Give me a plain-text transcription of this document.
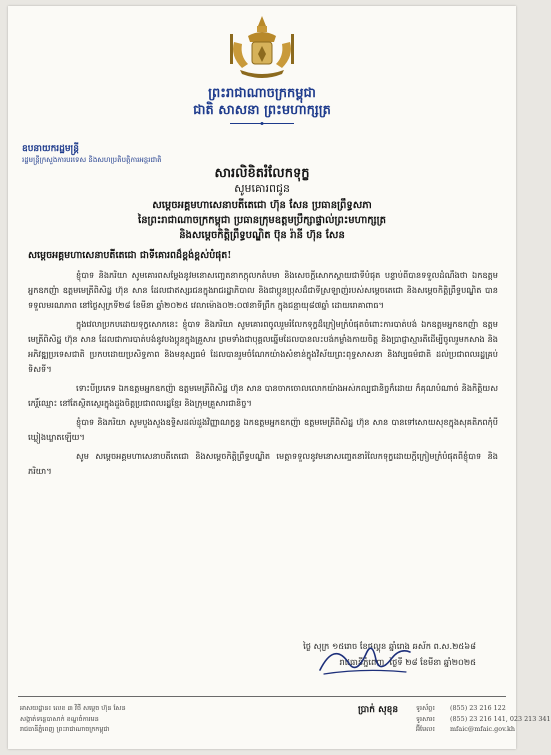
ព្រះរាជាណាចក្រកម្ពុជា
ជាតិ សាសនា ព្រះមហាក្សត្រ
ឧបនាយករដ្ឋមន្ត្រី
រដ្ឋមន្ត្រីក្រសួងការបរទេស និងសហប្រតិបត្តិការអន្តរជាតិ
សារលិខិតរំលែកទុក្ខ
សូមគោរពជូន
សម្តេចអគ្គមហាសេនាបតីតេជោ ហ៊ុន សែន ប្រធានព្រឹទ្ធសភា
នៃព្រះរាជាណាចក្រកម្ពុជា ប្រធានក្រុមឧត្តមប្រឹក្សាផ្ទាល់ព្រះមហាក្សត្រ
និងសម្តេចកិត្តិព្រឹទ្ធបណ្ឌិត ប៊ុន រ៉ានី ហ៊ុន សែន
សម្តេចអគ្គមហាសេនាបតីតេជោ ជាទីគោរពដ៏ខ្ពង់ខ្ពស់បំផុត!

ខ្ញុំបាទ និងភរិយា សូមគោរពសម្តែងនូវមនោសញ្ចេតនាកក្កុលកតំបមា និងសេចក្តីសោកស្តាយជាទីបំផុត បន្ទាប់ពីបានទទួលដំណឹងថា ឯកឧត្តមអ្នកឧកញ៉ា ឧត្តមមេត្រីពិសិដ្ឋ ហ៊ុន សាន ដែលជាឥស្សរជនក្នុងរាជរដ្ឋាភិបាល និងជាប្អូនប្រុសដ៏ជាទីស្រឡាញ់របស់សម្តេចតេជោ និងសម្តេចកិត្តិព្រឹទ្ធបណ្ឌិត បានទទួលមរណភាព នៅថ្ងៃសុក្រទី២៨ ខែមីនា ឆ្នាំ២០២៥ វេលាម៉ោង០២:០៧នាទីព្រឹក ក្នុងជន្មាយុ៨៧ឆ្នាំ ដោយរោគាពាធ។

ក្នុងវេលាប្រកបដោយទុក្ខសោកនេះ ខ្ញុំបាទ និងភរិយា សូមគោរពចូលរួមរំលែកទុក្ខដ៏ក្រៀមក្រំបំផុតចំពោះការបាត់បង់ ឯកឧត្តមអ្នកឧកញ៉ា ឧត្តមមេត្រីពិសិដ្ឋ ហ៊ុន សាន ដែលជាការបាត់បង់នូវបងប្អូនក្នុងគ្រួសារ ព្រមទាំងជាបុគ្គលឆ្នើមដែលបានលះបង់កម្លាំងកាយចិត្ត និងប្រាជ្ញាស្មារតីដើម្បីចូលរួមកសាង និងអភិវឌ្ឍប្រទេសជាតិ ប្រកបដោយប្រសិទ្ធភាព និងមនុស្សធម៌ ដែលបានរួមចំណែកយ៉ាងសំខាន់ក្នុងវិស័យព្រះពុទ្ធសាសនា និងវប្បធម៌ជាតិ ដល់ប្រជាពលរដ្ឋគ្រប់ទិសទី។

ទោះបីប្រភេទ ឯកឧត្តមអ្នកឧកញ៉ា ឧត្តមមេត្រីពិសិដ្ឋ ហ៊ុន សាន បានចាកចោលលោកយ៉ាងអស់កល្បជានិច្ចក៏ដោយ ក៏គុណបំណាច់ និងកិត្តិយសកេរ្តិ៍ឈ្មោះ នៅតែស្ថិតស្ថេរក្នុងដួងចិត្តប្រជាពលរដ្ឋខ្មែរ និងក្រុមគ្រួសារជានិច្ច។

ខ្ញុំបាទ និងភរិយា សូមបួងសួងឧទ្ទិសដល់ដួងវិញ្ញាណក្ខន្ធ ឯកឧត្តមអ្នកឧកញ៉ា ឧត្តមមេត្រីពិសិដ្ឋ ហ៊ុន សាន បានទៅសោយសុខក្នុងសុគតិភពកុំបីឃ្លៀងឃ្លាតឡើយ។

សូម សម្តេចអគ្គមហាសេនាបតីតេជោ និងសម្តេចកិត្តិព្រឹទ្ធបណ្ឌិត មេត្តាទទួលនូវមនោសញ្ចេតនារំលែកទុក្ខដោយក្តីក្រៀមក្រំបំផុតពីខ្ញុំបាទ និង ភរិយា។

ថ្ងៃ សុក្រ ១៥រោច ខែផល្គុន ឆ្នាំរោង ឆស័ក ព.ស.២៥៦៨
រាជធានីភ្នំពេញ, ថ្ងៃទី ២៨ ខែមីនា ឆ្នាំ២០២៥
ប្រាក់ សុខុន
អាសយដ្ឋាន៖ លេខ ៣ វិថី សម្តេច ហ៊ុន សែន
សង្កាត់ទន្លេបាសាក់ ខណ្ឌចំការមន
រាជធានីភ្នំពេញ ព្រះរាជាណាចក្រកម្ពុជា
ទូរស័ព្ទ៖ (855) 23 216 122
ទូរសារ៖ (855) 23 216 141, 023 213 341
អ៊ីមែល៖ mfaic@mfaic.gov.kh
